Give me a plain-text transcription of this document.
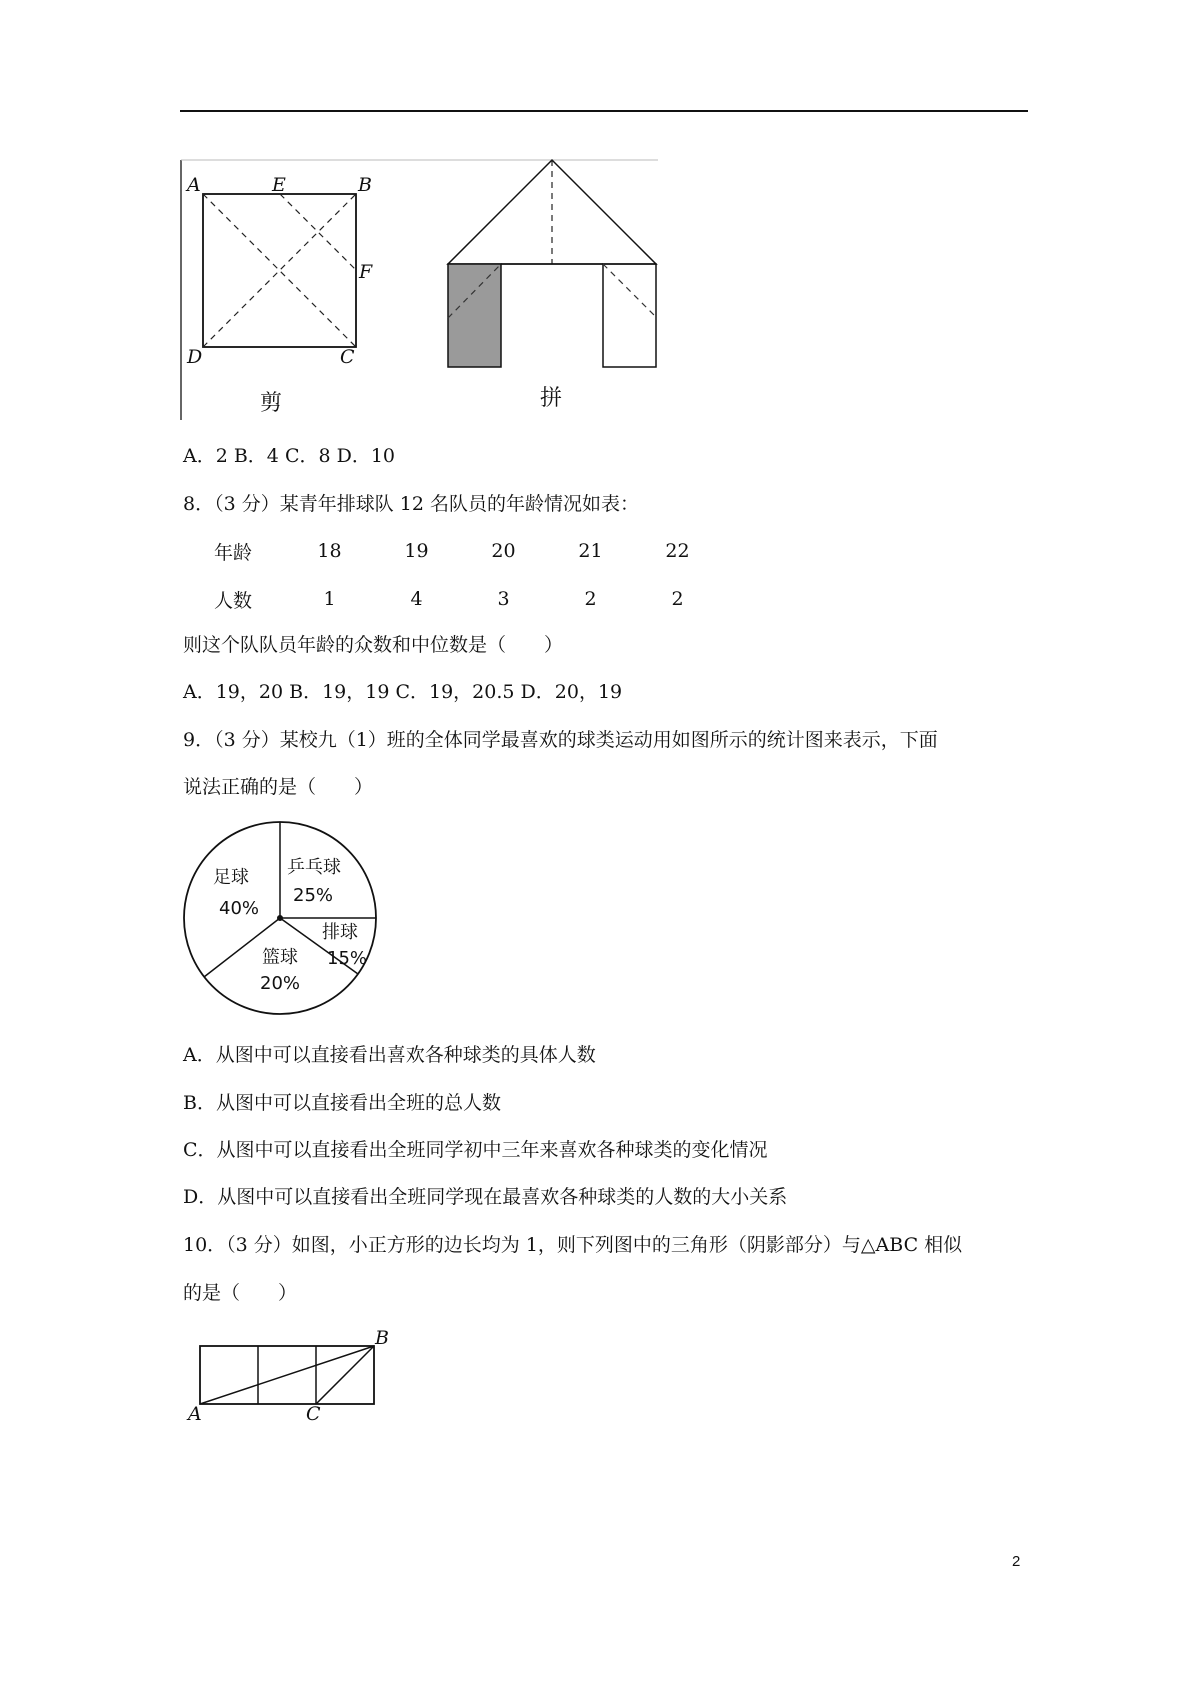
A	E	B
F
D	C
剪	拼
A．2 B．4 C．8 D．10
8．（3 分）某青年排球队 12 名队员的年龄情况如表：
年龄	18	19	20	21	22
人数	1	4	3	2	2
则这个队队员年龄的众数和中位数是（　　）
A．19，20 B．19，19 C．19，20.5 D．20，19
9．（3 分）某校九（1）班的全体同学最喜欢的球类运动用如图所示的统计图来表示，下面
说法正确的是（　　）
足球
40%
乒乓球
25%
排球
15%
篮球
20%
A．从图中可以直接看出喜欢各种球类的具体人数
B．从图中可以直接看出全班的总人数
C．从图中可以直接看出全班同学初中三年来喜欢各种球类的变化情况
D．从图中可以直接看出全班同学现在最喜欢各种球类的人数的大小关系
10．（3 分）如图，小正方形的边长均为 1，则下列图中的三角形（阴影部分）与△ABC 相似
的是（　　）
B
A	C
2
